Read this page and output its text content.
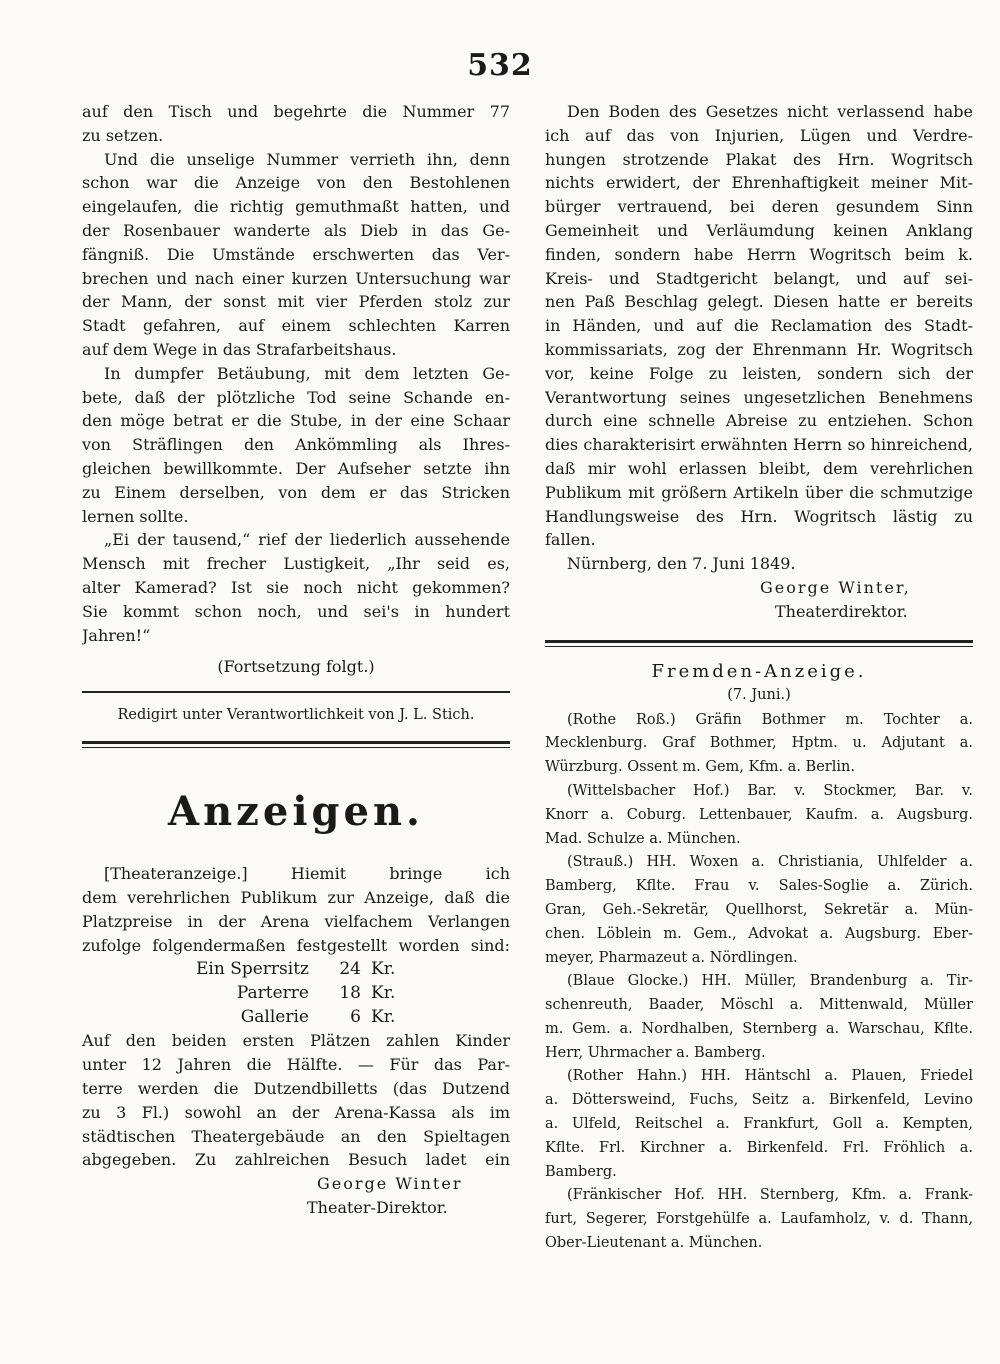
532
auf den Tisch und begehrte die Nummer 77
zu setzen.
Und die unselige Nummer verrieth ihn, denn
schon war die Anzeige von den Bestohlenen
eingelaufen, die richtig gemuthmaßt hatten, und
der Rosenbauer wanderte als Dieb in das Ge-
fängniß. Die Umstände erschwerten das Ver-
brechen und nach einer kurzen Untersuchung war
der Mann, der sonst mit vier Pferden stolz zur
Stadt gefahren, auf einem schlechten Karren
auf dem Wege in das Strafarbeitshaus.
In dumpfer Betäubung, mit dem letzten Ge-
bete, daß der plötzliche Tod seine Schande en-
den möge betrat er die Stube, in der eine Schaar
von Sträflingen den Ankömmling als Ihres-
gleichen bewillkommte. Der Aufseher setzte ihn
zu Einem derselben, von dem er das Stricken
lernen sollte.
„Ei der tausend,“ rief der liederlich aussehende
Mensch mit frecher Lustigkeit, „Ihr seid es,
alter Kamerad? Ist sie noch nicht gekommen?
Sie kommt schon noch, und sei's in hundert
Jahren!“
(Fortsetzung folgt.)
Redigirt unter Verantwortlichkeit von J. L. Stich.
Anzeigen.
[Theateranzeige.] Hiemit bringe ich
dem verehrlichen Publikum zur Anzeige, daß die
Platzpreise in der Arena vielfachem Verlangen
zufolge folgendermaßen festgestellt worden sind:
Ein Sperrsitz	24 Kr.
Parterre	18 Kr.
Gallerie	6 Kr.
Auf den beiden ersten Plätzen zahlen Kinder
unter 12 Jahren die Hälfte. — Für das Par-
terre werden die Dutzendbilletts (das Dutzend
zu 3 Fl.) sowohl an der Arena-Kassa als im
städtischen Theatergebäude an den Spieltagen
abgegeben. Zu zahlreichen Besuch ladet ein
George Winter
Theater-Direktor.
Den Boden des Gesetzes nicht verlassend habe
ich auf das von Injurien, Lügen und Verdre-
hungen strotzende Plakat des Hrn. Wogritsch
nichts erwidert, der Ehrenhaftigkeit meiner Mit-
bürger vertrauend, bei deren gesundem Sinn
Gemeinheit und Verläumdung keinen Anklang
finden, sondern habe Herrn Wogritsch beim k.
Kreis- und Stadtgericht belangt, und auf sei-
nen Paß Beschlag gelegt. Diesen hatte er bereits
in Händen, und auf die Reclamation des Stadt-
kommissariats, zog der Ehrenmann Hr. Wogritsch
vor, keine Folge zu leisten, sondern sich der
Verantwortung seines ungesetzlichen Benehmens
durch eine schnelle Abreise zu entziehen. Schon
dies charakterisirt erwähnten Herrn so hinreichend,
daß mir wohl erlassen bleibt, dem verehrlichen
Publikum mit größern Artikeln über die schmutzige
Handlungsweise des Hrn. Wogritsch lästig zu
fallen.
Nürnberg, den 7. Juni 1849.
George Winter,
Theaterdirektor.
Fremden-Anzeige.
(7. Juni.)
(Rothe Roß.) Gräfin Bothmer m. Tochter a.
Mecklenburg. Graf Bothmer, Hptm. u. Adjutant a.
Würzburg. Ossent m. Gem, Kfm. a. Berlin.
(Wittelsbacher Hof.) Bar. v. Stockmer, Bar. v.
Knorr a. Coburg. Lettenbauer, Kaufm. a. Augsburg.
Mad. Schulze a. München.
(Strauß.) HH. Woxen a. Christiania, Uhlfelder a.
Bamberg, Kflte. Frau v. Sales-Soglie a. Zürich.
Gran, Geh.-Sekretär, Quellhorst, Sekretär a. Mün-
chen. Löblein m. Gem., Advokat a. Augsburg. Eber-
meyer, Pharmazeut a. Nördlingen.
(Blaue Glocke.) HH. Müller, Brandenburg a. Tir-
schenreuth, Baader, Möschl a. Mittenwald, Müller
m. Gem. a. Nordhalben, Sternberg a. Warschau, Kflte.
Herr, Uhrmacher a. Bamberg.
(Rother Hahn.) HH. Häntschl a. Plauen, Friedel
a. Döttersweind, Fuchs, Seitz a. Birkenfeld, Levino
a. Ulfeld, Reitschel a. Frankfurt, Goll a. Kempten,
Kflte. Frl. Kirchner a. Birkenfeld. Frl. Fröhlich a.
Bamberg.
(Fränkischer Hof. HH. Sternberg, Kfm. a. Frank-
furt, Segerer, Forstgehülfe a. Laufamholz, v. d. Thann,
Ober-Lieutenant a. München.
